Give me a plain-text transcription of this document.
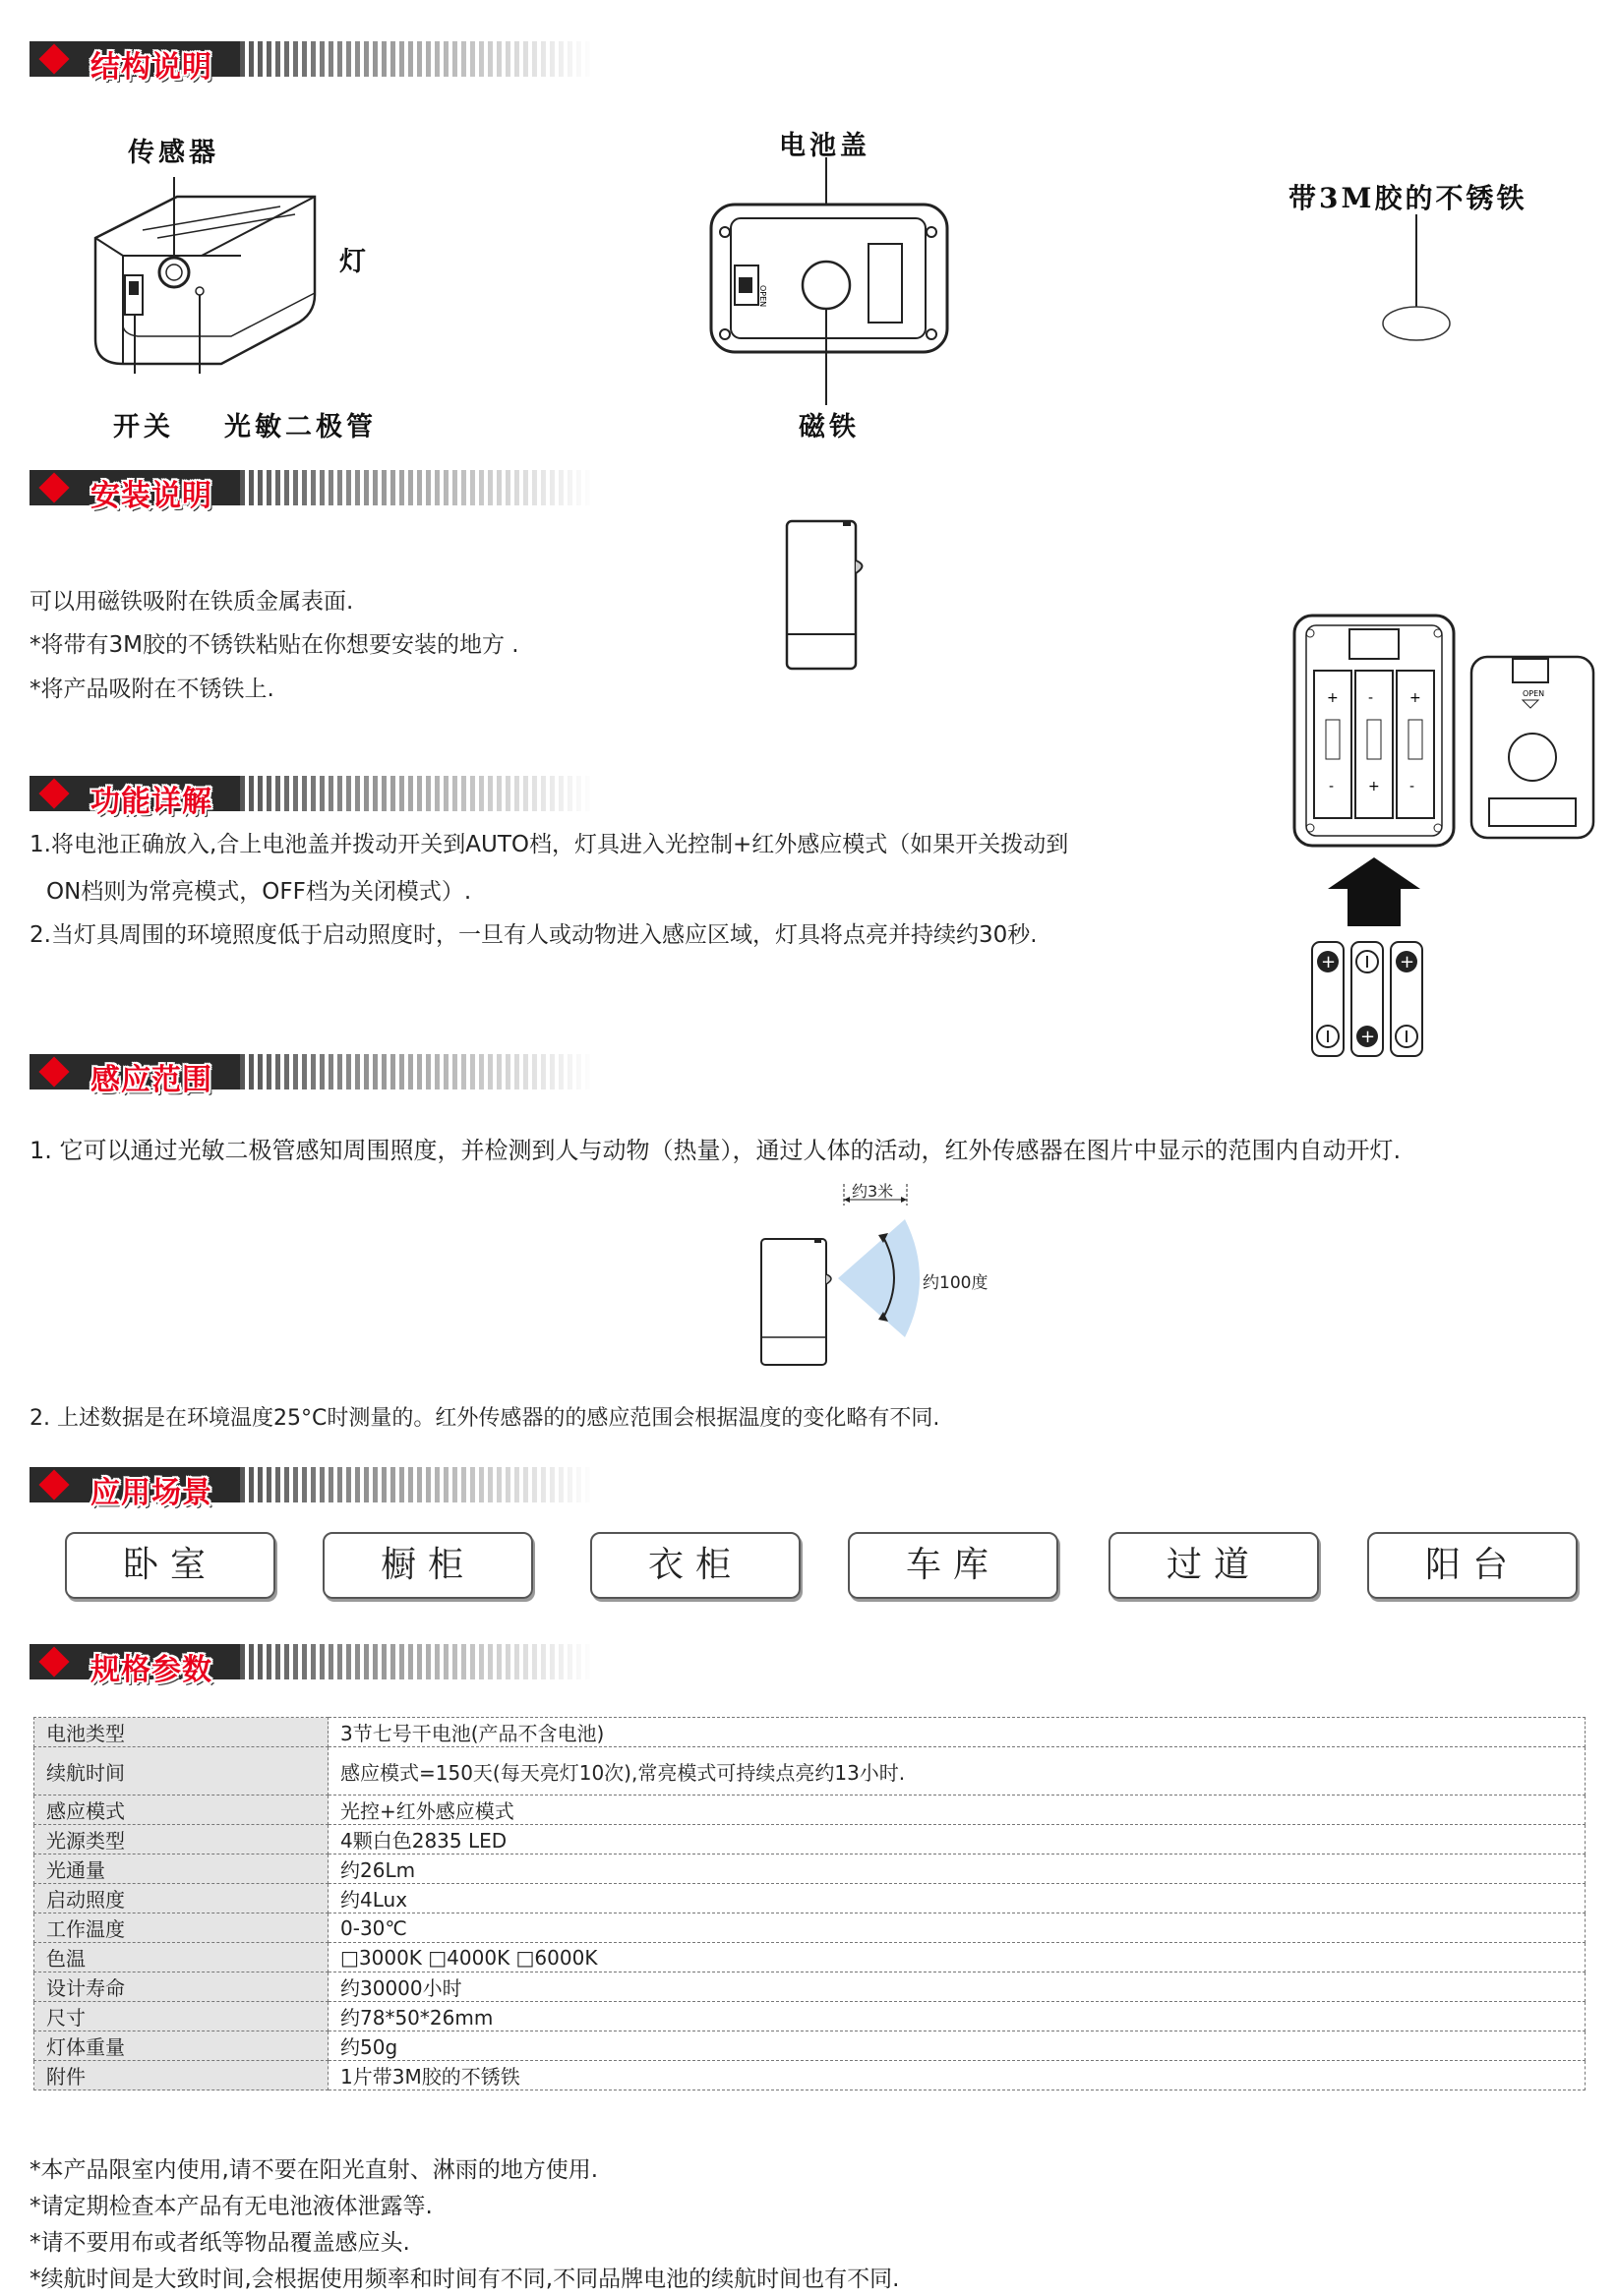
结构说明
传感器
灯
开关 光敏二极管
OPEN
电池盖
磁铁
带3M胶的不锈铁
安装说明
可以用磁铁吸附在铁质金属表面.
*将带有3M胶的不锈铁粘贴在你想要安装的地方 .
*将产品吸附在不锈铁上.	+ -	+
- + -
OPEN
+	+
+
功能详解
1.将电池正确放入,合上电池盖并拨动开关到AUTO档，灯具进入光控制+红外感应模式（如果开关拨动到
ON档则为常亮模式，OFF档为关闭模式）.
2.当灯具周围的环境照度低于启动照度时，一旦有人或动物进入感应区域，灯具将点亮并持续约30秒.
感应范围
1. 它可以通过光敏二极管感知周围照度，并检测到人与动物（热量），通过人体的活动，红外传感器在图片中显示的范围内自动开灯.
约3米
约100度
2. 上述数据是在环境温度25°C时测量的。红外传感器的的感应范围会根据温度的变化略有不同.
应用场景
卧室	橱柜	衣柜	车库	过道	阳台
规格参数
电池类型	3节七号干电池(产品不含电池)
续航时间	感应模式=150天(每天亮灯10次),常亮模式可持续点亮约13小时.
感应模式	光控+红外感应模式
光源类型	4颗白色2835 LED
光通量	约26Lm
启动照度	约4Lux
工作温度	0-30℃
色温	□3000K □4000K □6000K
设计寿命	约30000小时
尺寸	约78*50*26mm
灯体重量	约50g
附件	1片带3M胶的不锈铁
*本产品限室内使用,请不要在阳光直射、淋雨的地方使用.
*请定期检查本产品有无电池液体泄露等.
*请不要用布或者纸等物品覆盖感应头.
*续航时间是大致时间,会根据使用频率和时间有不同,不同品牌电池的续航时间也有不同.
